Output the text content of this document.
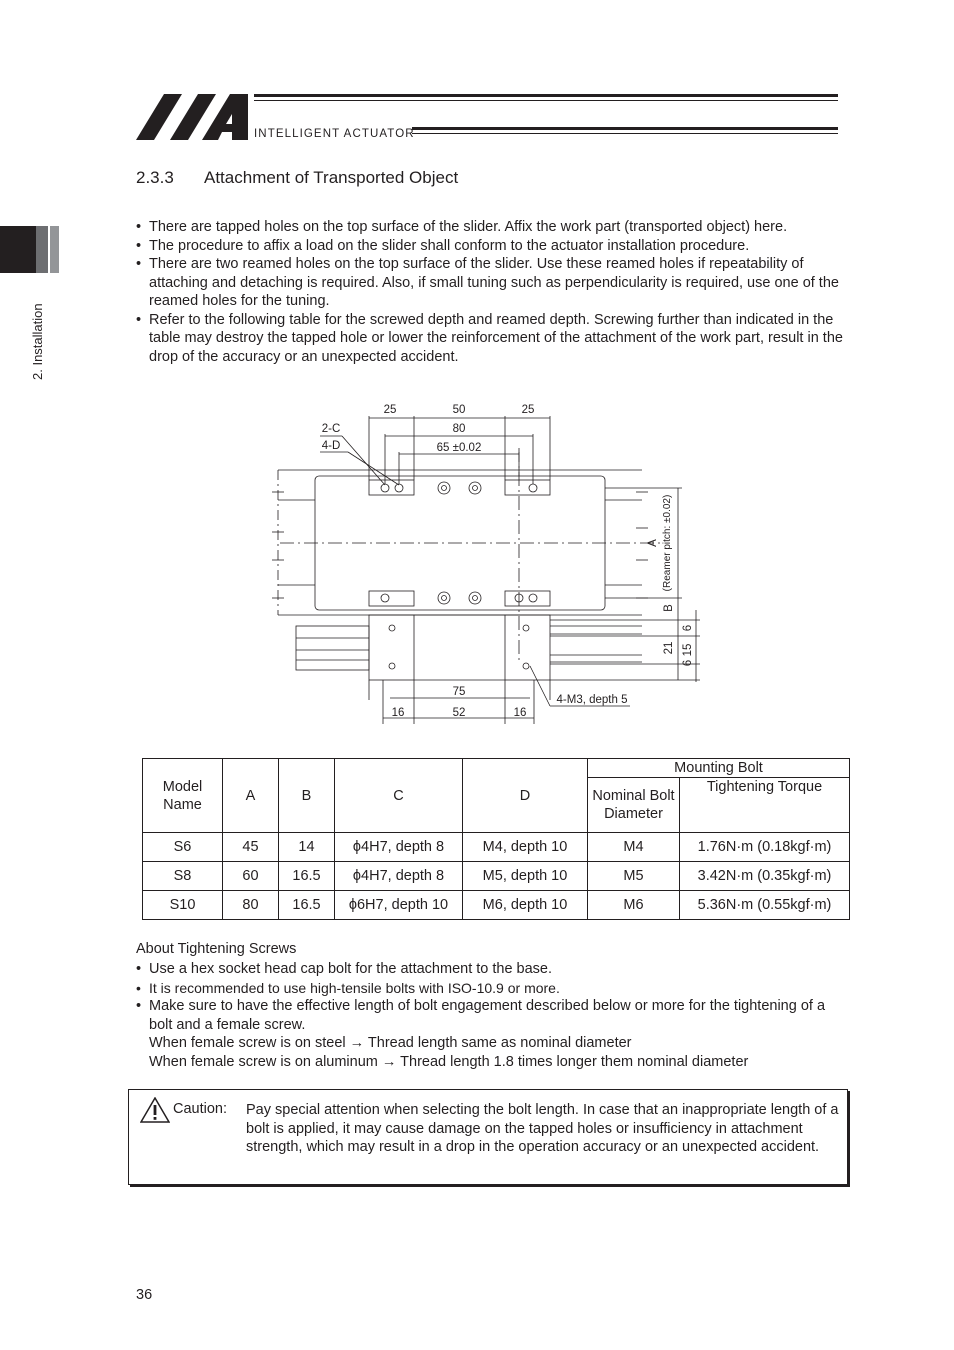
INTELLIGENT ACTUATOR
2. Installation
2.3.3 Attachment of Transported Object
• There are tapped holes on the top surface of the slider. Affix the work part (transported object) here.
• The procedure to affix a load on the slider shall conform to the actuator installation procedure.
• There are two reamed holes on the top surface of the slider. Use these reamed holes if repeatability of attaching and detaching is required. Also, if small tuning such as perpendicularity is required, use one of the reamed holes for the tuning.
• Refer to the following table for the screwed depth and reamed depth. Screwing further than indicated in the table may destroy the tapped hole or lower the reinforcement of the attachment of the work part, result in the drop of the accuracy or an unexpected accident.
25	50	25
80
65 ±0.02
2-C
4-D
75
16	52	16
4-M3, depth 5
A (Reamer pitch: ±0.02)
B
21
6
15
6
Model Name	A	B	C	D	Mounting Bolt	
					Nominal Bolt Diameter	Tightening Torque
S6	45	14	ϕ4H7, depth 8	M4, depth 10	M4	1.76N·m (0.18kgf·m)
S8	60	16.5	ϕ4H7, depth 8	M5, depth 10	M5	3.42N·m (0.35kgf·m)
S10	80	16.5	ϕ6H7, depth 10	M6, depth 10	M6	5.36N·m (0.55kgf·m)
About Tightening Screws
• Use a hex socket head cap bolt for the attachment to the base.
• It is recommended to use high-tensile bolts with ISO-10.9 or more.
• Make sure to have the effective length of bolt engagement described below or more for the tightening of a bolt and a female screw.
When female screw is on steel → Thread length same as nominal diameter
When female screw is on aluminum → Thread length 1.8 times longer them nominal diameter
Caution: Pay special attention when selecting the bolt length. In case that an inappropriate length of a bolt is applied, it may cause damage on the tapped holes or insufficiency in attachment strength, which may result in a drop in the operation accuracy or an unexpected accident.
36
